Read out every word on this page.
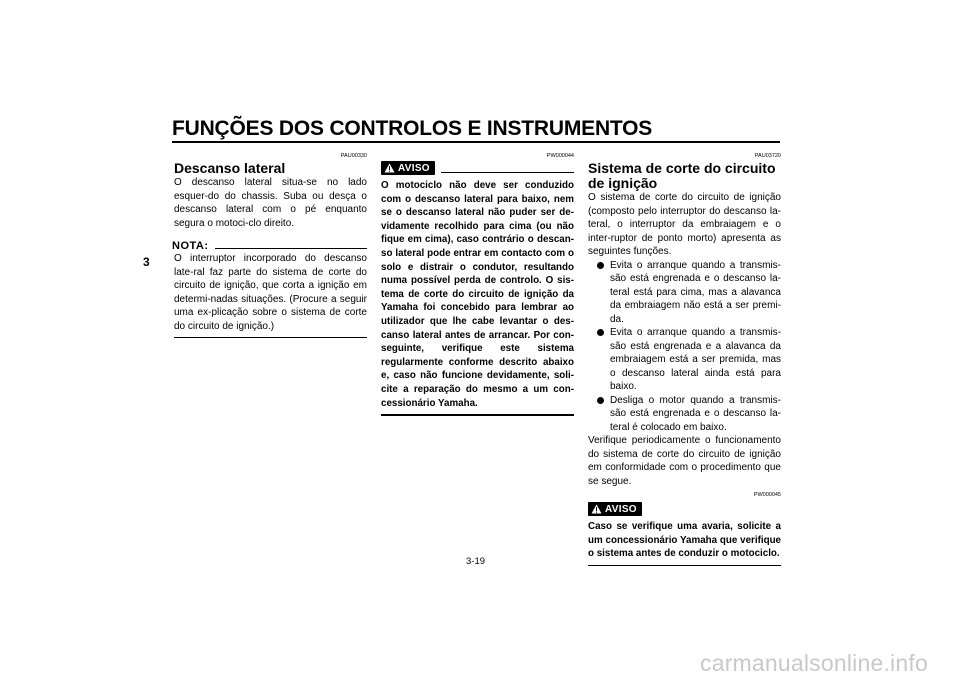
FUNÇÕES DOS CONTROLOS E INSTRUMENTOS
3
PAU00330
Descanso lateral

O descanso lateral situa-se no lado esquer-do do chassis. Suba ou desça o descanso lateral com o pé enquanto segura o motoci-clo direito.

NOTA:

O interruptor incorporado do descanso late-ral faz parte do sistema de corte do circuito de ignição, que corta a ignição em determi-nadas situações. (Procure a seguir uma ex-plicação sobre o sistema de corte do circuito de ignição.)

PW000044
AVISO
O motociclo não deve ser conduzido com o descanso lateral para baixo, nem se o descanso lateral não puder ser de-vidamente recolhido para cima (ou não fique em cima), caso contrário o descan-so lateral pode entrar em contacto com o solo e distrair o condutor, resultando numa possível perda de controlo. O sis-tema de corte do circuito de ignição da Yamaha foi concebido para lembrar ao utilizador que lhe cabe levantar o des-canso lateral antes de arrancar. Por con-seguinte, verifique este sistema regularmente conforme descrito abaixo e, caso não funcione devidamente, soli-cite a reparação do mesmo a um con-cessionário Yamaha.
PAU03720
Sistema de corte do circuito de ignição

O sistema de corte do circuito de ignição (composto pelo interruptor do descanso la-teral, o interruptor da embraiagem e o inter-ruptor de ponto morto) apresenta as seguintes funções.

Evita o arranque quando a transmis-são está engrenada e o descanso la-teral está para cima, mas a alavanca da embraiagem não está a ser premi-da.
Evita o arranque quando a transmis-são está engrenada e a alavanca da embraiagem está a ser premida, mas o descanso lateral ainda está para baixo.
Desliga o motor quando a transmis-são está engrenada e o descanso la-teral é colocado em baixo.

Verifique periodicamente o funcionamento do sistema de corte do circuito de ignição em conformidade com o procedimento que se segue.

PW000045
AVISO
Caso se verifique uma avaria, solicite a um concessionário Yamaha que verifique o sistema antes de conduzir o motociclo.
3-19
carmanualsonline.info
